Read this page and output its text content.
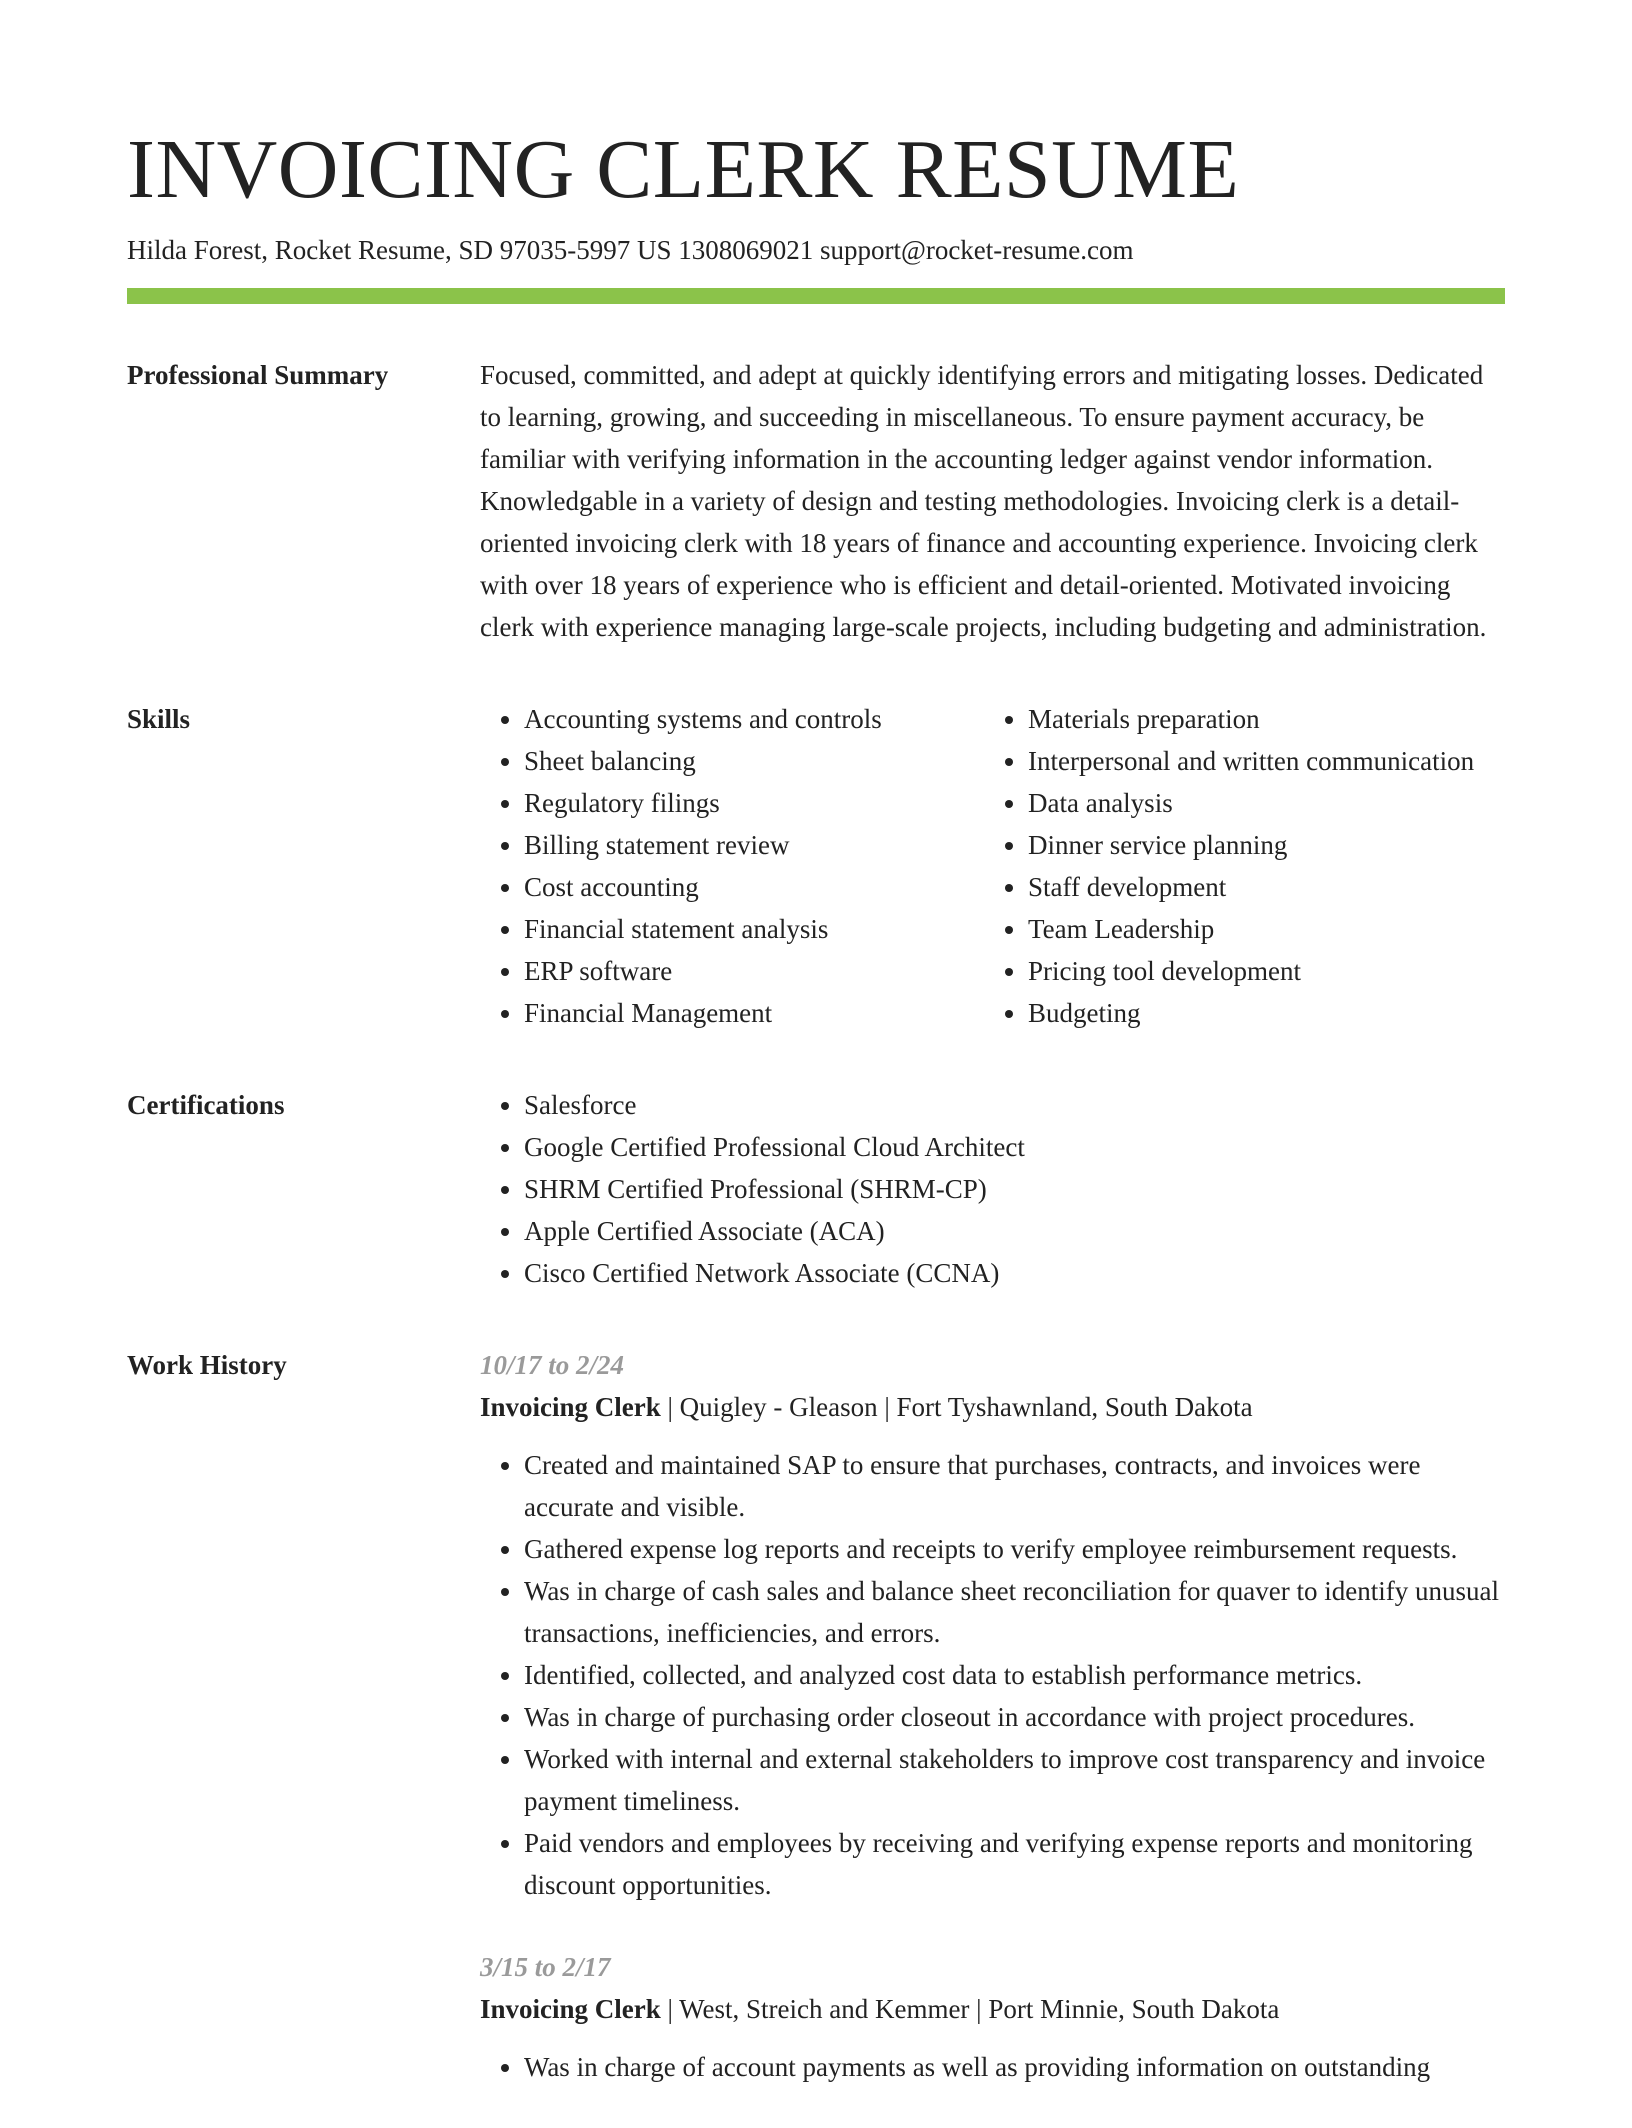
INVOICING CLERK RESUME
Hilda Forest, Rocket Resume, SD 97035-5997 US 1308069021 support@rocket-resume.com
Professional Summary	Focused, committed, and adept at quickly identifying errors and mitigating losses. Dedicated to learning, growing, and succeeding in miscellaneous. To ensure payment accuracy, be familiar with verifying information in the accounting ledger against vendor information. Knowledgable in a variety of design and testing methodologies. Invoicing clerk is a detail-oriented invoicing clerk with 18 years of finance and accounting experience. Invoicing clerk with over 18 years of experience who is efficient and detail-oriented. Motivated invoicing clerk with experience managing large-scale projects, including budgeting and administration.

Skills	• Accounting systems and controls
• Sheet balancing
• Regulatory filings
• Billing statement review
• Cost accounting
• Financial statement analysis
• ERP software
• Financial Management
• Materials preparation
• Interpersonal and written communication
• Data analysis
• Dinner service planning
• Staff development
• Team Leadership
• Pricing tool development
• Budgeting
Certifications	• Salesforce
• Google Certified Professional Cloud Architect
• SHRM Certified Professional (SHRM-CP)
• Apple Certified Associate (ACA)
• Cisco Certified Network Associate (CCNA)
Work History	10/17 to 2/24
Invoicing Clerk | Quigley - Gleason | Fort Tyshawnland, South Dakota
• Created and maintained SAP to ensure that purchases, contracts, and invoices were accurate and visible.
• Gathered expense log reports and receipts to verify employee reimbursement requests.
• Was in charge of cash sales and balance sheet reconciliation for quaver to identify unusual transactions, inefficiencies, and errors.
• Identified, collected, and analyzed cost data to establish performance metrics.
• Was in charge of purchasing order closeout in accordance with project procedures.
• Worked with internal and external stakeholders to improve cost transparency and invoice payment timeliness.
• Paid vendors and employees by receiving and verifying expense reports and monitoring discount opportunities.
3/15 to 2/17
Invoicing Clerk | West, Streich and Kemmer | Port Minnie, South Dakota
• Was in charge of account payments as well as providing information on outstanding
